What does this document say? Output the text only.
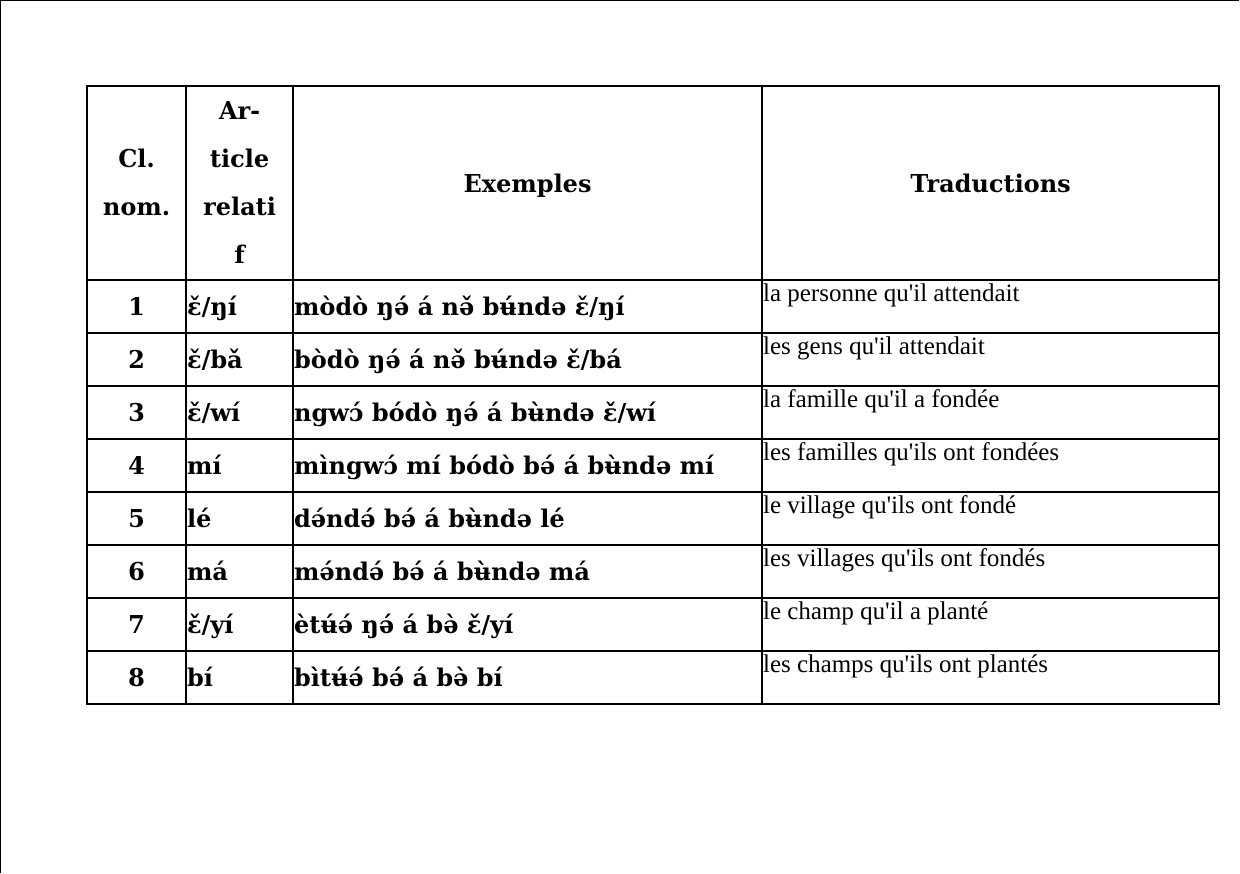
Cl.
nom.	Ar-
ticle
relati
f	Exemples	Traductions
1	ɛ̌/ŋí	mòdò ŋə́ á nə̌ bʉ́ndə ɛ̌/ŋí	la personne qu'il attendait
2	ɛ̌/bǎ	bòdò ŋə́ á nə̌ bʉ́ndə ɛ̌/bá	les gens qu'il attendait
3	ɛ̌/wí	ngwɔ́ bódò ŋə́ á bʉ̀ndə ɛ̌/wí	la famille qu'il a fondée
4	mí	mìngwɔ́ mí bódò bə́ á bʉ̀ndə mí	les familles qu'ils ont fondées
5	lé	də́ndə́ bə́ á bʉ̀ndə lé	le village qu'ils ont fondé
6	má	mə́ndə́ bə́ á bʉ̀ndə má	les villages qu'ils ont fondés
7	ɛ̌/yí	ètʉ́ə́ ŋə́ á bə̀ ɛ̌/yí	le champ qu'il a planté
8	bí	bìtʉ́ə́ bə́ á bə̀ bí	les champs qu'ils ont plantés
